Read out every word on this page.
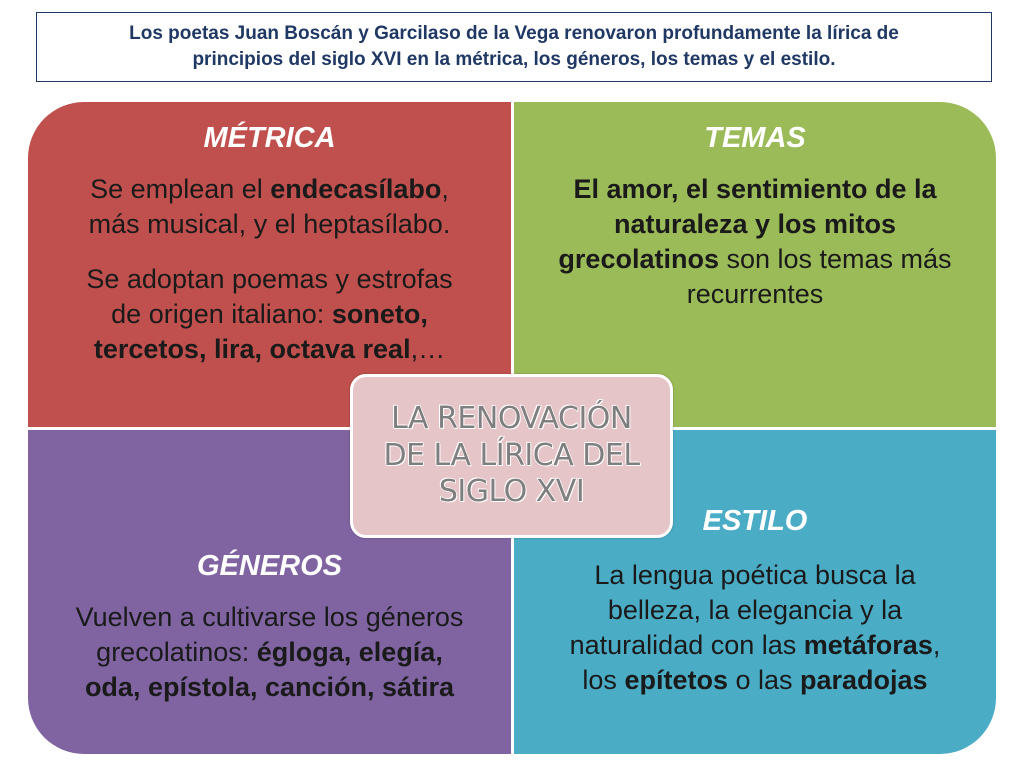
Los poetas Juan Boscán y Garcilaso de la Vega renovaron profundamente la lírica de
principios del siglo XVI en la métrica, los géneros, los temas y el estilo.
MÉTRICA
Se emplean el endecasílabo,
más musical, y el heptasílabo.
Se adoptan poemas y estrofas
de origen italiano: soneto,
tercetos, lira, octava real,…
TEMAS
El amor, el sentimiento de la
naturaleza y los mitos
grecolatinos son los temas más
recurrentes
GÉNEROS
Vuelven a cultivarse los géneros
grecolatinos: égloga, elegía,
oda, epístola, canción, sátira
ESTILO
La lengua poética busca la
belleza, la elegancia y la
naturalidad con las metáforas,
los epítetos o las paradojas
LA RENOVACIÓN
DE LA LÍRICA DEL
SIGLO XVI
